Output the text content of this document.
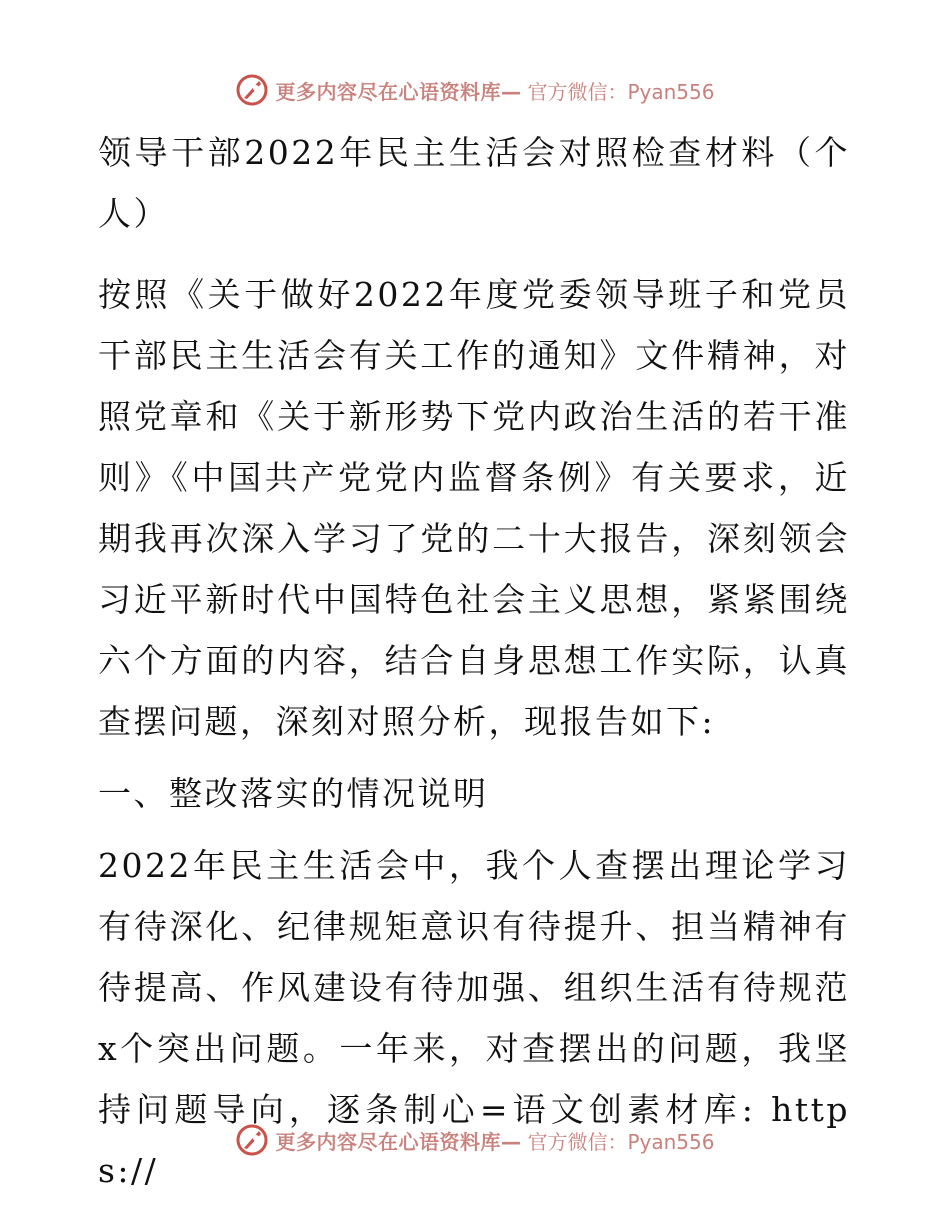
更多内容尽在心语资料库— 官方微信：Pyan556

领导干部2022年民主生活会对照检查材料（个人）

按照《关于做好2022年度党委领导班子和党员干部民主生活会有关工作的通知》文件精神，对照党章和《关于新形势下党内政治生活的若干准则》《中国共产党党内监督条例》有关要求，近期我再次深入学习了党的二十大报告，深刻领会习近平新时代中国特色社会主义思想，紧紧围绕六个方面的内容，结合自身思想工作实际，认真查摆问题，深刻对照分析，现报告如下:

一、整改落实的情况说明

2022年民主生活会中，我个人查摆出理论学习有待深化、纪律规矩意识有待提升、担当精神有待提高、作风建设有待加强、组织生活有待规范x个突出问题。一年来，对查摆出的问题，我坚持问题导向，逐条制心=语文创素材库: https://

更多内容尽在心语资料库— 官方微信：Pyan556
